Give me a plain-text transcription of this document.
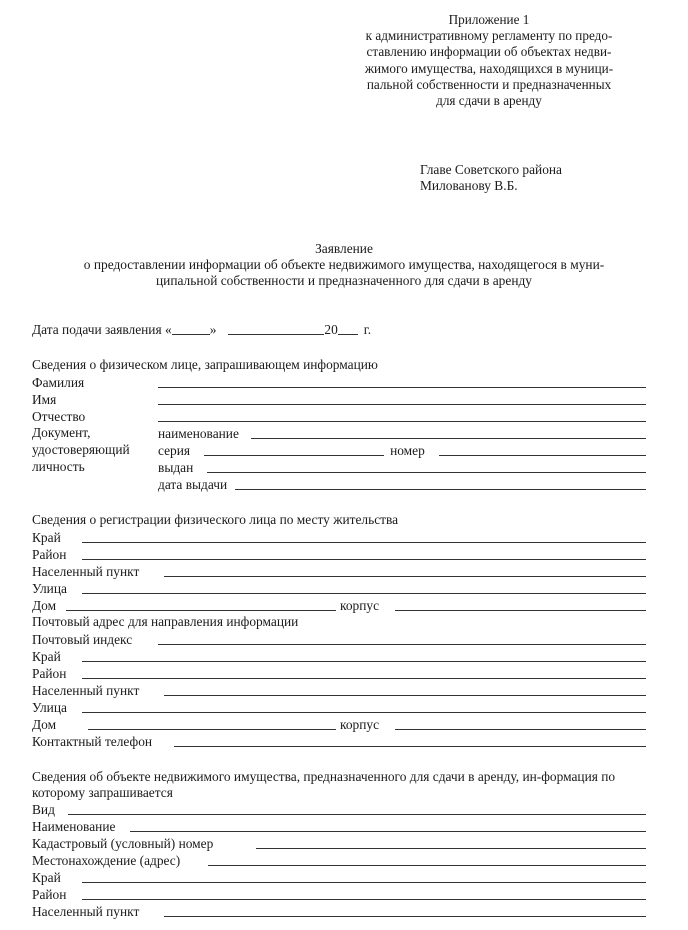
Приложение 1
к административному регламенту по предо-
ставлению информации об объектах недви-
жимого имущества, находящихся в муници-
пальной собственности и предназначенных
для сдачи в аренду
Главе Советского района
Милованову В.Б.
Заявление
о предоставлении информации об объекте недвижимого имущества, находящегося в муни-
ципальной собственности и предназначенного для сдачи в аренду
Дата подачи заявления «	»	20 г.
Сведения о физическом лице, запрашивающем информацию
Фамилия
Имя
Отчество
Документ,
удостоверяющий
личность
наименование
серия	номер
выдан
дата выдачи
Сведения о регистрации физического лица по месту жительства
Край
Район
Населенный пункт
Улица
Дом	корпус
Почтовый адрес для направления информации
Почтовый индекс
Край
Район
Населенный пункт
Улица
Дом	корпус
Контактный телефон
Сведения об объекте недвижимого имущества, предназначенного для сдачи в аренду, ин-формация по которому запрашивается
Вид
Наименование
Кадастровый (условный) номер
Местонахождение (адрес)
Край
Район
Населенный пункт
